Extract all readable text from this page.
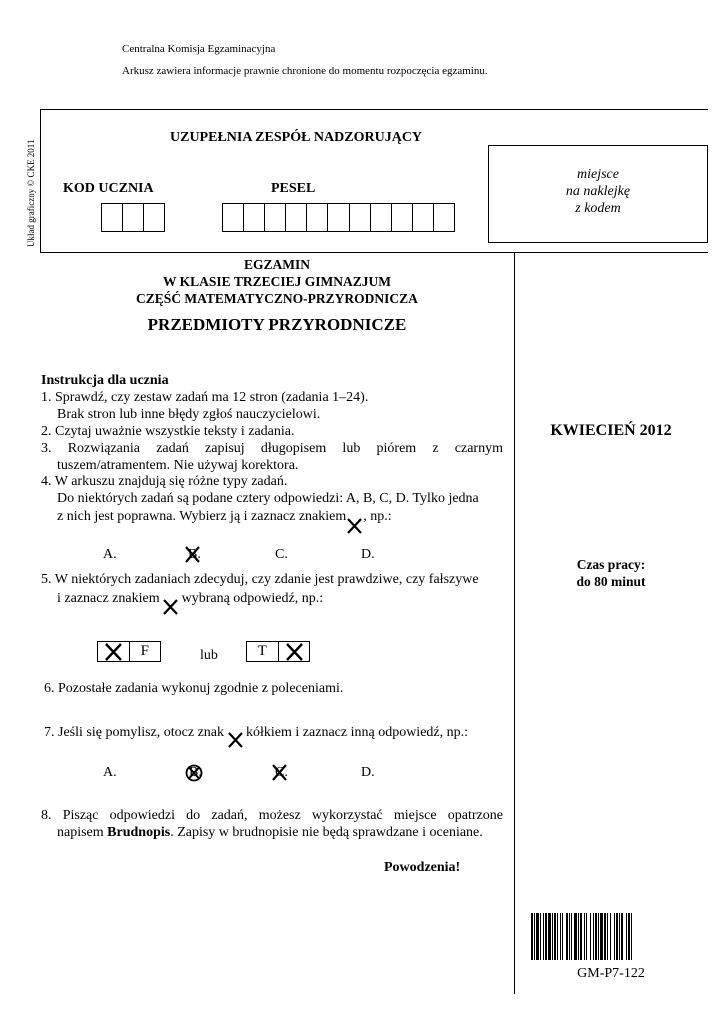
Centralna Komisja Egzaminacyjna
Arkusz zawiera informacje prawnie chronione do momentu rozpoczęcia egzaminu.
Układ graficzny © CKE 2011
UZUPEŁNIA ZESPÓŁ NADZORUJĄCY
KOD UCZNIA	PESEL
miejsce
na naklejkę
z kodem
EGZAMIN
W KLASIE TRZECIEJ GIMNAZJUM
CZĘŚĆ MATEMATYCZNO-PRZYRODNICZA
PRZEDMIOTY PRZYRODNICZE
KWIECIEŃ 2012
Czas pracy:
do 80 minut
GM-P7-122
Instrukcja dla ucznia
1. Sprawdź, czy zestaw zadań ma 12 stron (zadania 1–24).
Brak stron lub inne błędy zgłoś nauczycielowi.
2. Czytaj uważnie wszystkie teksty i zadania.
3. Rozwiązania zadań zapisuj długopisem lub piórem z czarnym
tuszem/atramentem. Nie używaj korektora.
4. W arkuszu znajdują się różne typy zadań.
Do niektórych zadań są podane cztery odpowiedzi: A, B, C, D. Tylko jedna
z nich jest poprawna. Wybierz ją i zaznacz znakiem , np.:
A.	B.	C.	D.
5. W niektórych zadaniach zdecyduj, czy zdanie jest prawdziwe, czy fałszywe
i zaznacz znakiem wybraną odpowiedź, np.:
P	F	lub	T	N
6. Pozostałe zadania wykonuj zgodnie z poleceniami.
7. Jeśli się pomylisz, otocz znak kółkiem i zaznacz inną odpowiedź, np.:
A.	B.	C.	D.
8. Pisząc odpowiedzi do zadań, możesz wykorzystać miejsce opatrzone
napisem Brudnopis. Zapisy w brudnopisie nie będą sprawdzane i oceniane.
Powodzenia!
